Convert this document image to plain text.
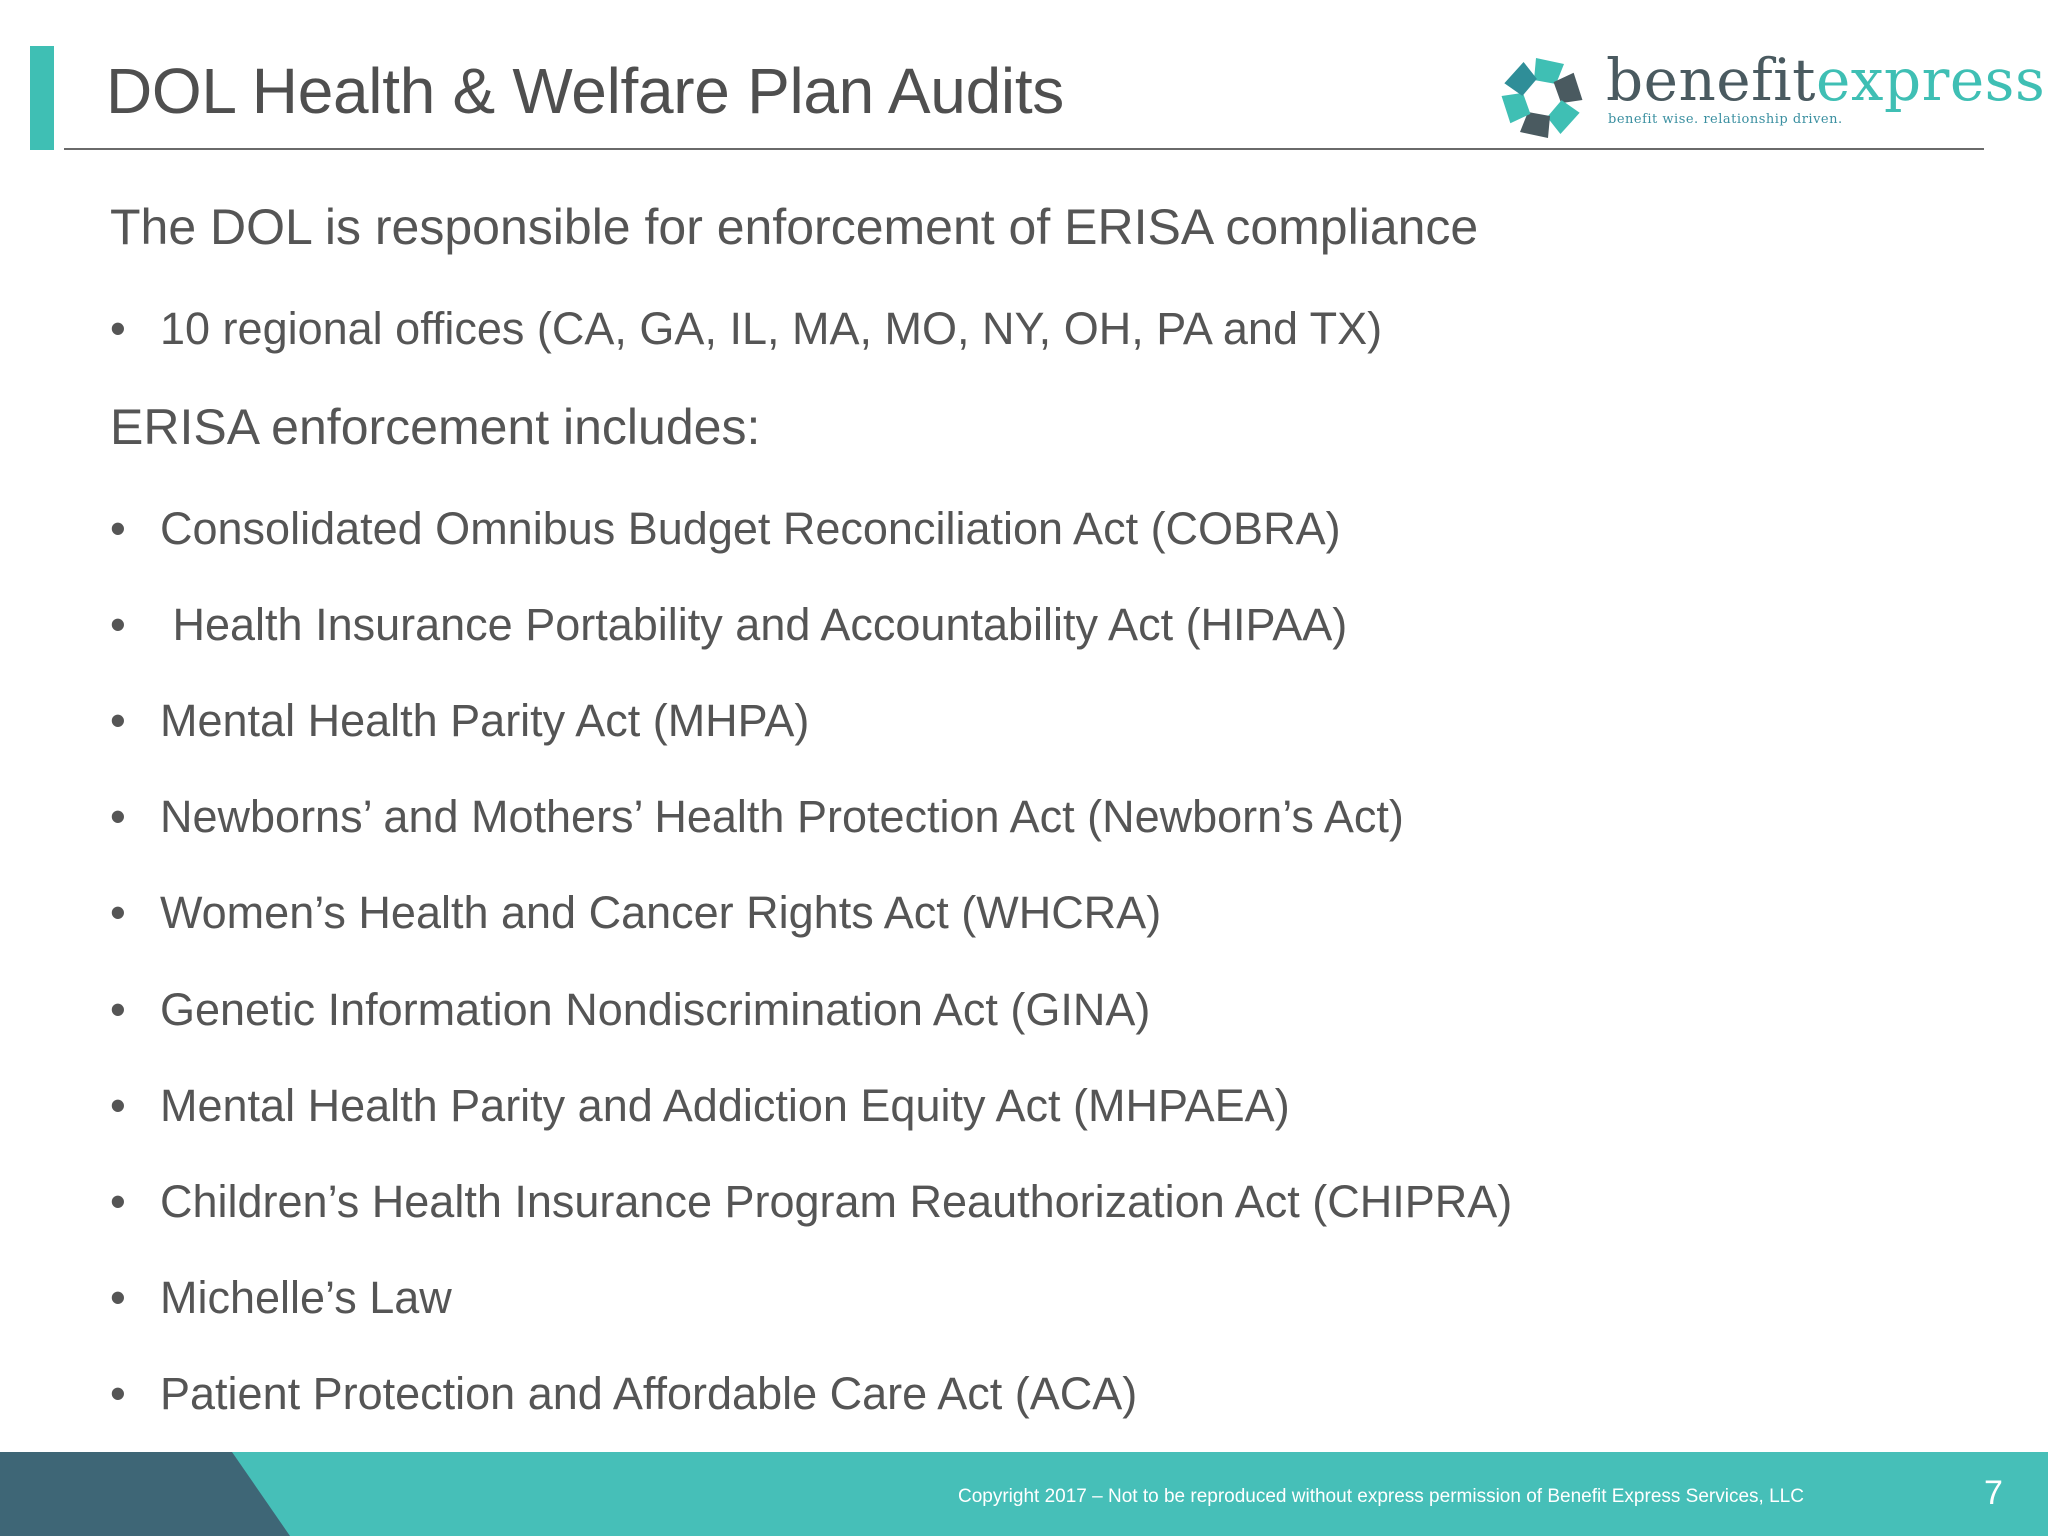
DOL Health & Welfare Plan Audits	benefitexpress
benefit wise. relationship driven.
The DOL is responsible for enforcement of ERISA compliance
• 10 regional offices (CA, GA, IL, MA, MO, NY, OH, PA and TX)
ERISA enforcement includes:
• Consolidated Omnibus Budget Reconciliation Act (COBRA)
• Health Insurance Portability and Accountability Act (HIPAA)
• Mental Health Parity Act (MHPA)
• Newborns’ and Mothers’ Health Protection Act (Newborn’s Act)
• Women’s Health and Cancer Rights Act (WHCRA)
• Genetic Information Nondiscrimination Act (GINA)
• Mental Health Parity and Addiction Equity Act (MHPAEA)
• Children’s Health Insurance Program Reauthorization Act (CHIPRA)
• Michelle’s Law
• Patient Protection and Affordable Care Act (ACA)
Copyright 2017 – Not to be reproduced without express permission of Benefit Express Services, LLC	7
